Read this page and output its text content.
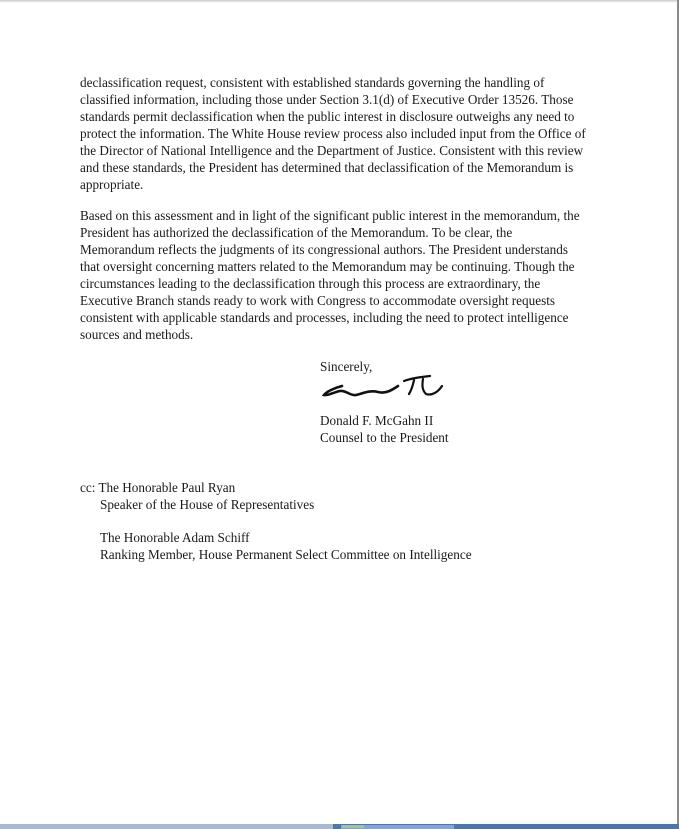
declassification request, consistent with established standards governing the handling of

classified information, including those under Section 3.1(d) of Executive Order 13526. Those

standards permit declassification when the public interest in disclosure outweighs any need to

protect the information. The White House review process also included input from the Office of

the Director of National Intelligence and the Department of Justice. Consistent with this review

and these standards, the President has determined that declassification of the Memorandum is

appropriate.

Based on this assessment and in light of the significant public interest in the memorandum, the

President has authorized the declassification of the Memorandum. To be clear, the

Memorandum reflects the judgments of its congressional authors. The President understands

that oversight concerning matters related to the Memorandum may be continuing. Though the

circumstances leading to the declassification through this process are extraordinary, the

Executive Branch stands ready to work with Congress to accommodate oversight requests

consistent with applicable standards and processes, including the need to protect intelligence

sources and methods.

Sincerely,
Donald F. McGahn II
Counsel to the President
cc: The Honorable Paul Ryan
Speaker of the House of Representatives
The Honorable Adam Schiff
Ranking Member, House Permanent Select Committee on Intelligence
